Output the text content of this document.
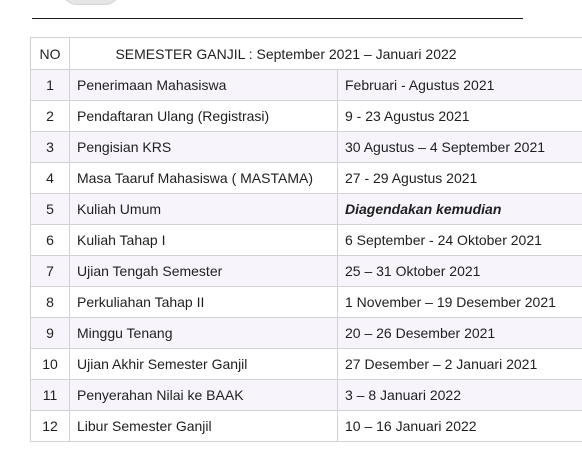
NO	SEMESTER GANJIL : September 2021 – Januari 2022	
1	Penerimaan Mahasiswa	Februari - Agustus 2021
2	Pendaftaran Ulang (Registrasi)	9 - 23 Agustus 2021
3	Pengisian KRS	30 Agustus – 4 September 2021
4	Masa Taaruf Mahasiswa ( MASTAMA)	27 - 29 Agustus 2021
5	Kuliah Umum	Diagendakan kemudian
6	Kuliah Tahap I	6 September - 24 Oktober 2021
7	Ujian Tengah Semester	25 – 31 Oktober 2021
8	Perkuliahan Tahap II	1 November – 19 Desember 2021
9	Minggu Tenang	20 – 26 Desember 2021
10	Ujian Akhir Semester Ganjil	27 Desember – 2 Januari 2021
11	Penyerahan Nilai ke BAAK	3 – 8 Januari 2022
12	Libur Semester Ganjil	10 – 16 Januari 2022
